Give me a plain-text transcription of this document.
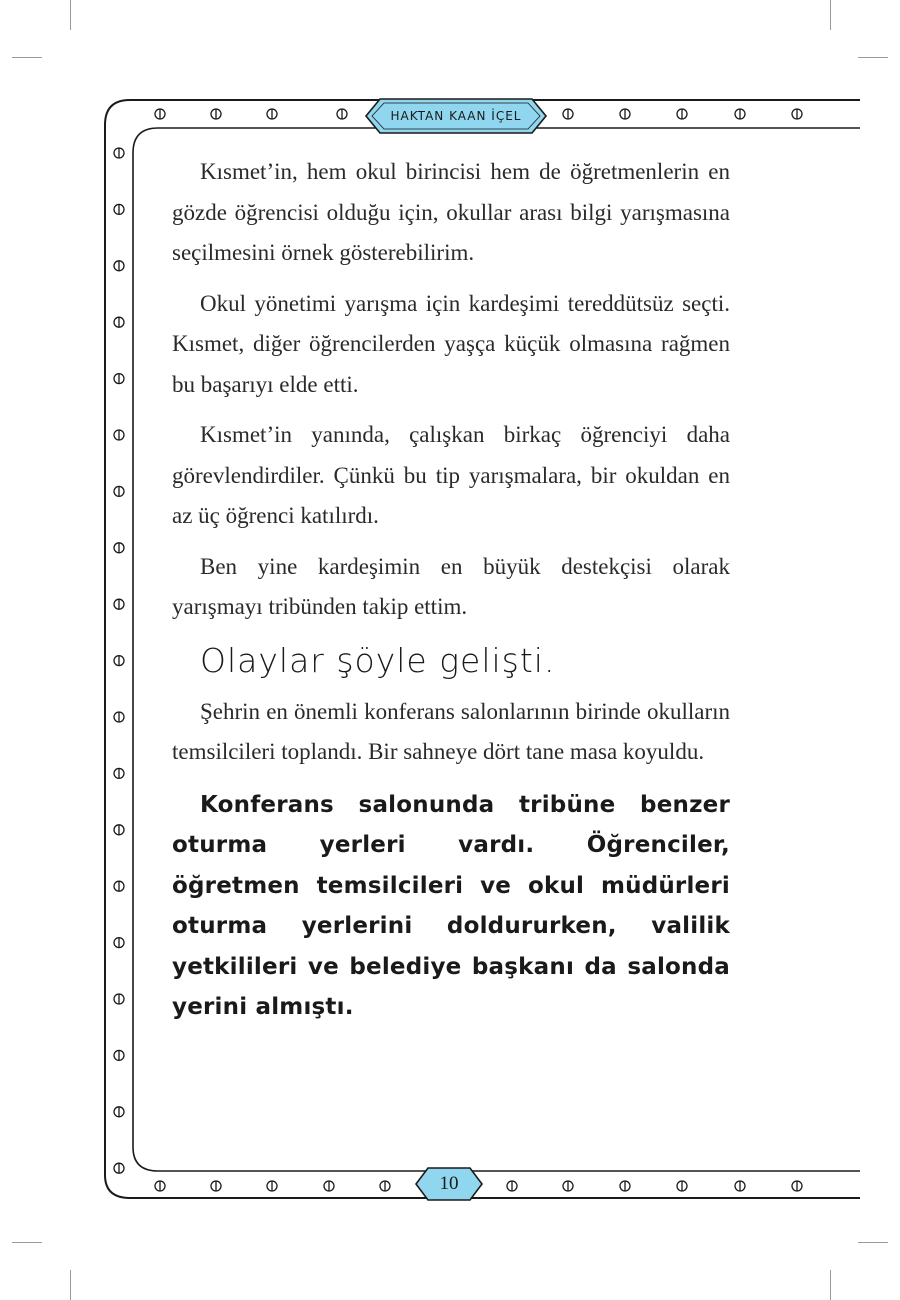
HAKTAN KAAN İÇEL
10

Kısmet’in, hem okul birincisi hem de öğretmenlerin en gözde öğrencisi olduğu için, okullar arası bilgi yarışmasına seçilmesini örnek gösterebilirim.

Okul yönetimi yarışma için kardeşimi tereddütsüz seçti. Kısmet, diğer öğrencilerden yaşça küçük olmasına rağmen bu başarıyı elde etti.

Kısmet’in yanında, çalışkan birkaç öğrenciyi daha görevlendirdiler. Çünkü bu tip yarışmalara, bir okuldan en az üç öğrenci katılırdı.

Ben yine kardeşimin en büyük destekçisi olarak yarışmayı tribünden takip ettim.

Olaylar şöyle gelişti.

Şehrin en önemli konferans salonlarının birinde okulların temsilcileri toplandı. Bir sahneye dört tane masa koyuldu.

Konferans salonunda tribüne benzer oturma yerleri vardı. Öğrenciler, öğretmen temsilcileri ve okul müdürleri oturma yerlerini doldururken, valilik yetkilileri ve belediye başkanı da salonda yerini almıştı.
